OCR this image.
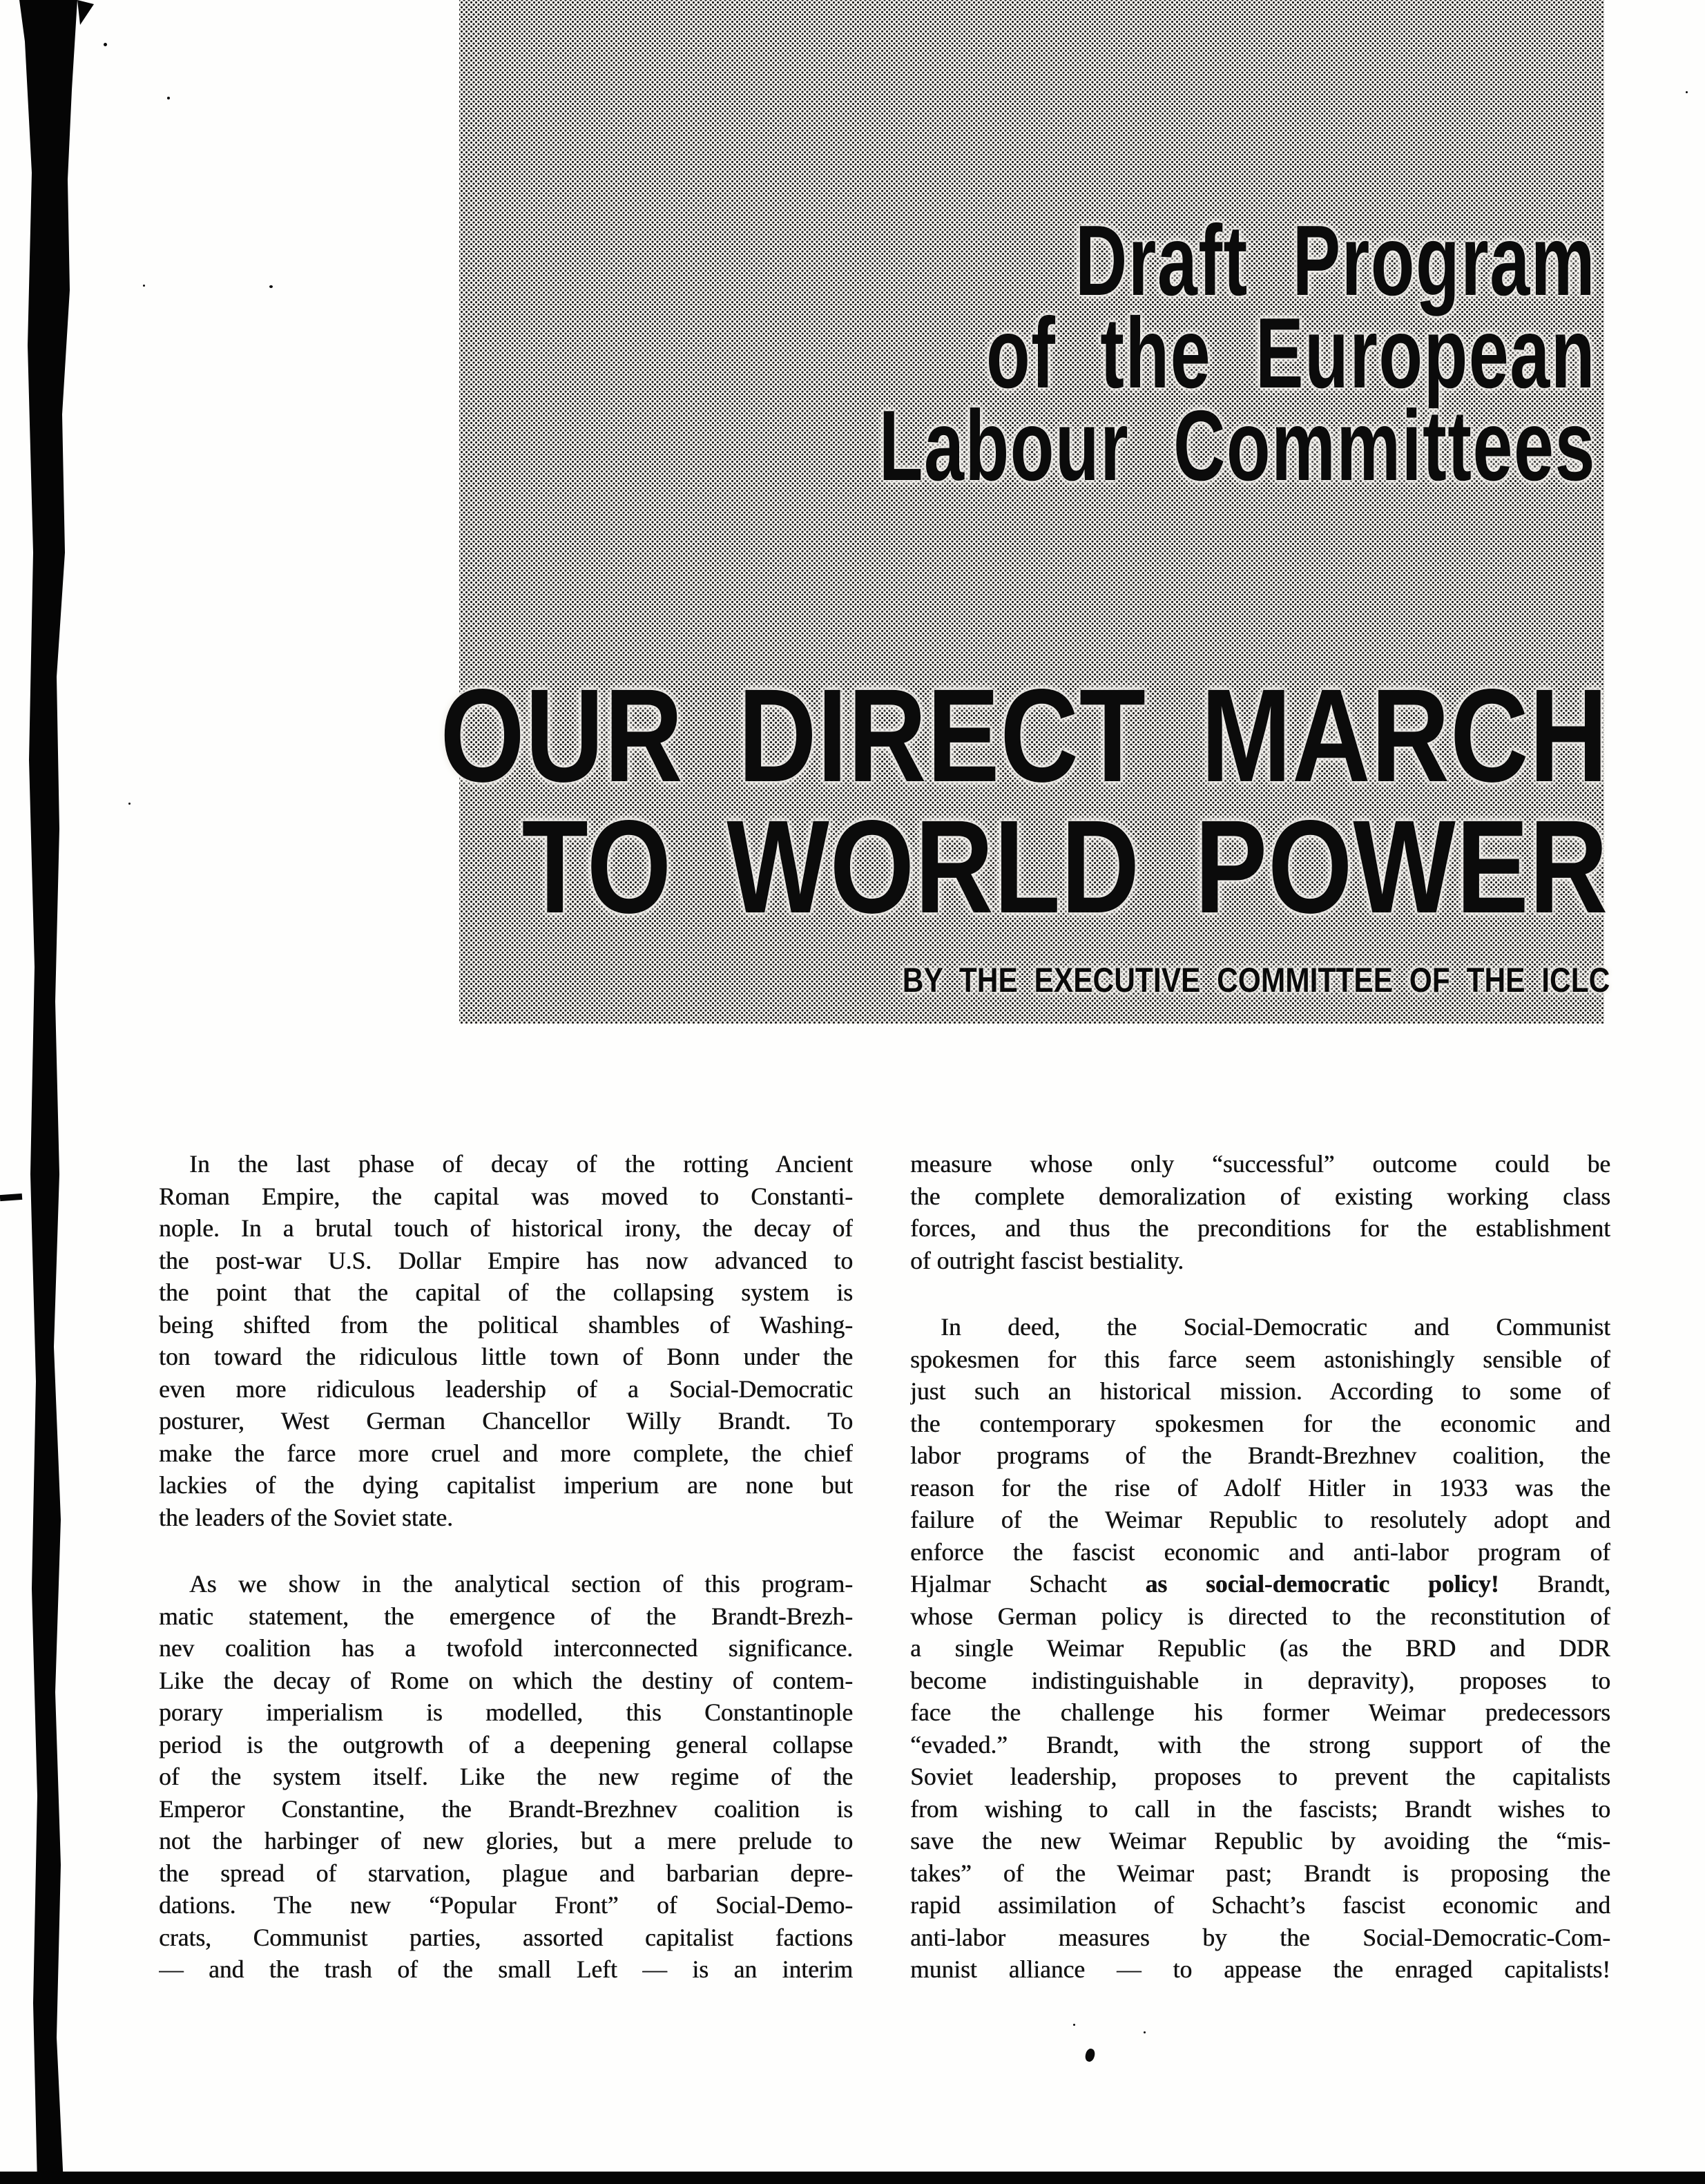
Draft Program
of the European
Labour Committees
OUR DIRECT MARCH
TO WORLD POWER
BY THE EXECUTIVE COMMITTEE OF THE ICLC
In the last phase of decay of the rotting Ancient
Roman Empire, the capital was moved to Constanti-
nople. In a brutal touch of historical irony, the decay of
the post-war U.S. Dollar Empire has now advanced to
the point that the capital of the collapsing system is
being shifted from the political shambles of Washing-
ton toward the ridiculous little town of Bonn under the
even more ridiculous leadership of a Social-Democratic
posturer, West German Chancellor Willy Brandt. To
make the farce more cruel and more complete, the chief
lackies of the dying capitalist imperium are none but
the leaders of the Soviet state.
As we show in the analytical section of this program-
matic statement, the emergence of the Brandt-Brezh-
nev coalition has a twofold interconnected significance.
Like the decay of Rome on which the destiny of contem-
porary imperialism is modelled, this Constantinople
period is the outgrowth of a deepening general collapse
of the system itself. Like the new regime of the
Emperor Constantine, the Brandt-Brezhnev coalition is
not the harbinger of new glories, but a mere prelude to
the spread of starvation, plague and barbarian depre-
dations. The new “Popular Front” of Social-Demo-
crats, Communist parties, assorted capitalist factions
— and the trash of the small Left — is an interim
measure whose only “successful” outcome could be
the complete demoralization of existing working class
forces, and thus the preconditions for the establishment
of outright fascist bestiality.
In deed, the Social-Democratic and Communist
spokesmen for this farce seem astonishingly sensible of
just such an historical mission. According to some of
the contemporary spokesmen for the economic and
labor programs of the Brandt-Brezhnev coalition, the
reason for the rise of Adolf Hitler in 1933 was the
failure of the Weimar Republic to resolutely adopt and
enforce the fascist economic and anti-labor program of
Hjalmar Schacht as social-democratic policy! Brandt,
whose German policy is directed to the reconstitution of
a single Weimar Republic (as the BRD and DDR
become indistinguishable in depravity), proposes to
face the challenge his former Weimar predecessors
“evaded.” Brandt, with the strong support of the
Soviet leadership, proposes to prevent the capitalists
from wishing to call in the fascists; Brandt wishes to
save the new Weimar Republic by avoiding the “mis-
takes” of the Weimar past; Brandt is proposing the
rapid assimilation of Schacht’s fascist economic and
anti-labor measures by the Social-Democratic-Com-
munist alliance — to appease the enraged capitalists!
